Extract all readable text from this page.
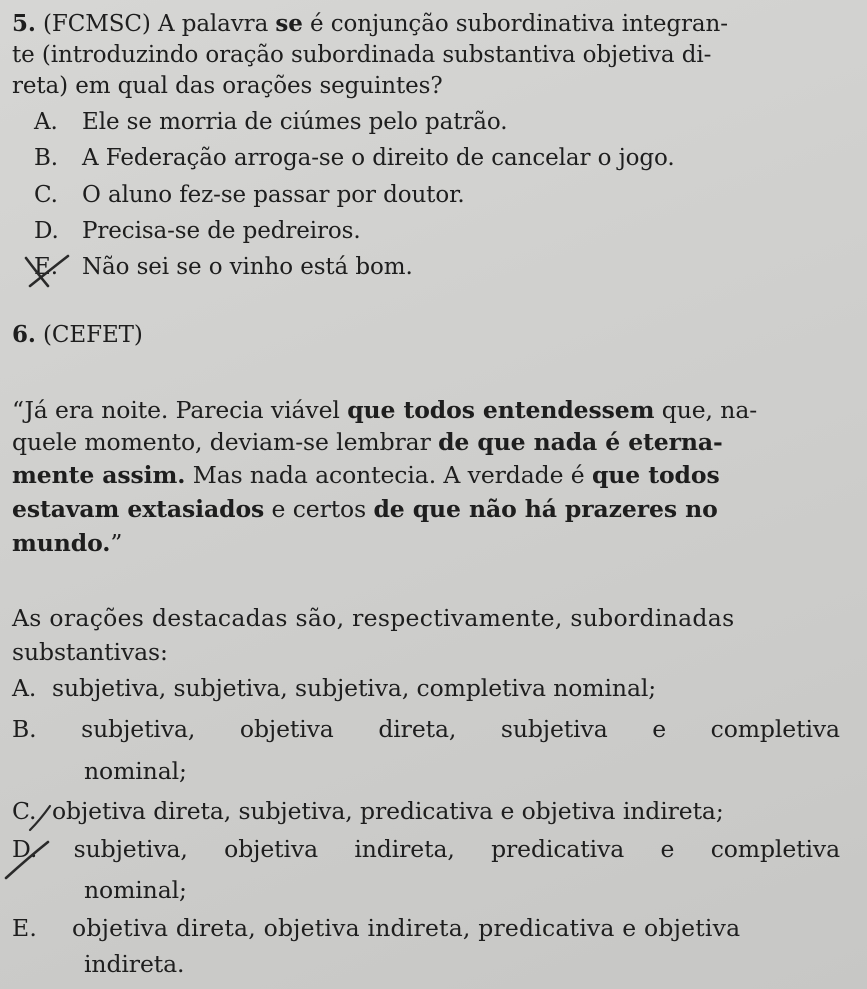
5. (FCMSC) A palavra se é conjunção subordinativa integran-
te (introduzindo oração subordinada substantiva objetiva di-
reta) em qual das orações seguintes?
A. Ele se morria de ciúmes pelo patrão.
B. A Federação arroga-se o direito de cancelar o jogo.
C. O aluno fez-se passar por doutor.
D. Precisa-se de pedreiros.
E. Não sei se o vinho está bom.
6. (CEFET)
“Já era noite. Parecia viável que todos entendessem que, na-
quele momento, deviam-se lembrar de que nada é eterna-
mente assim. Mas nada acontecia. A verdade é que todos
estavam extasiados e certos de que não há prazeres no
mundo.”
As orações destacadas são, respectivamente, subordinadas
substantivas:
A. subjetiva, subjetiva, subjetiva, completiva nominal;
B. subjetiva, objetiva direta, subjetiva e completiva
nominal;
C. objetiva direta, subjetiva, predicativa e objetiva indireta;
D. subjetiva, objetiva indireta, predicativa e completiva
nominal;
E. objetiva direta, objetiva indireta, predicativa e objetiva
indireta.
